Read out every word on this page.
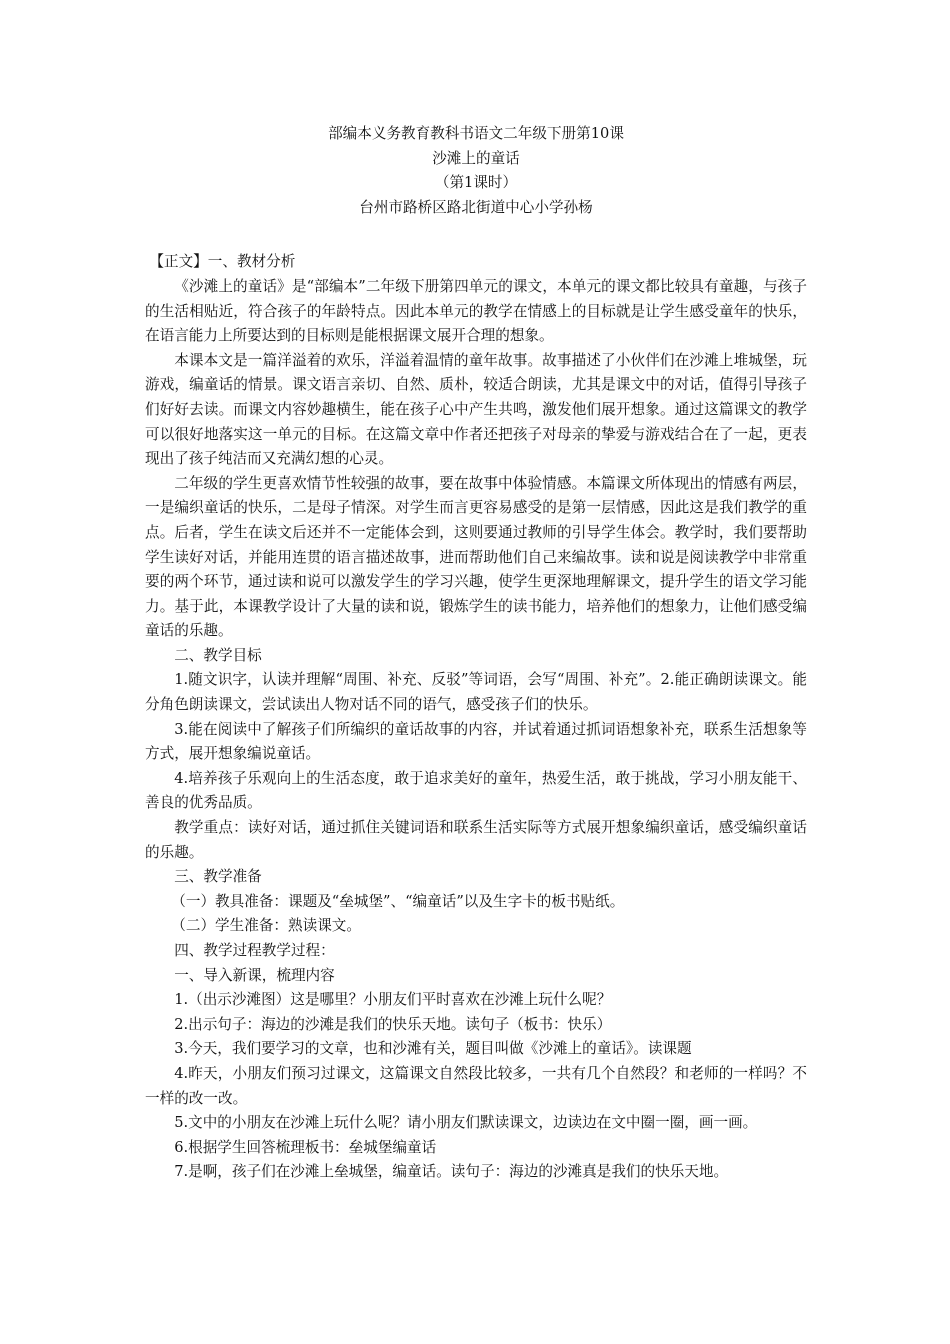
部编本义务教育教科书语文二年级下册第10课
沙滩上的童话
（第1课时）
台州市路桥区路北街道中心小学孙杨

【正文】一、教材分析

《沙滩上的童话》是“部编本”二年级下册第四单元的课文，本单元的课文都比较具有童趣，与孩子的生活相贴近，符合孩子的年龄特点。因此本单元的教学在情感上的目标就是让学生感受童年的快乐，在语言能力上所要达到的目标则是能根据课文展开合理的想象。

本课本文是一篇洋溢着的欢乐，洋溢着温情的童年故事。故事描述了小伙伴们在沙滩上堆城堡，玩游戏，编童话的情景。课文语言亲切、自然、质朴，较适合朗读，尤其是课文中的对话，值得引导孩子们好好去读。而课文内容妙趣横生，能在孩子心中产生共鸣，激发他们展开想象。通过这篇课文的教学可以很好地落实这一单元的目标。在这篇文章中作者还把孩子对母亲的挚爱与游戏结合在了一起，更表现出了孩子纯洁而又充满幻想的心灵。

二年级的学生更喜欢情节性较强的故事，要在故事中体验情感。本篇课文所体现出的情感有两层，一是编织童话的快乐，二是母子情深。对学生而言更容易感受的是第一层情感，因此这是我们教学的重点。后者，学生在读文后还并不一定能体会到，这则要通过教师的引导学生体会。教学时，我们要帮助学生读好对话，并能用连贯的语言描述故事，进而帮助他们自己来编故事。读和说是阅读教学中非常重要的两个环节，通过读和说可以激发学生的学习兴趣，使学生更深地理解课文，提升学生的语文学习能力。基于此，本课教学设计了大量的读和说，锻炼学生的读书能力，培养他们的想象力，让他们感受编童话的乐趣。

二、教学目标

1.随文识字，认读并理解“周围、补充、反驳”等词语，会写“周围、补充”。2.能正确朗读课文。能分角色朗读课文，尝试读出人物对话不同的语气，感受孩子们的快乐。

3.能在阅读中了解孩子们所编织的童话故事的内容，并试着通过抓词语想象补充，联系生活想象等方式，展开想象编说童话。

4.培养孩子乐观向上的生活态度，敢于追求美好的童年，热爱生活，敢于挑战，学习小朋友能干、善良的优秀品质。

教学重点：读好对话，通过抓住关键词语和联系生活实际等方式展开想象编织童话，感受编织童话的乐趣。

三、教学准备

（一）教具准备：课题及“垒城堡”、“编童话”以及生字卡的板书贴纸。

（二）学生准备：熟读课文。

四、教学过程教学过程：

一、导入新课，梳理内容

1.（出示沙滩图）这是哪里？小朋友们平时喜欢在沙滩上玩什么呢？

2.出示句子：海边的沙滩是我们的快乐天地。读句子（板书：快乐）

3.今天，我们要学习的文章，也和沙滩有关，题目叫做《沙滩上的童话》。读课题

4.昨天，小朋友们预习过课文，这篇课文自然段比较多，一共有几个自然段？和老师的一样吗？不一样的改一改。

5.文中的小朋友在沙滩上玩什么呢？请小朋友们默读课文，边读边在文中圈一圈，画一画。

6.根据学生回答梳理板书：垒城堡编童话

7.是啊，孩子们在沙滩上垒城堡，编童话。读句子：海边的沙滩真是我们的快乐天地。
